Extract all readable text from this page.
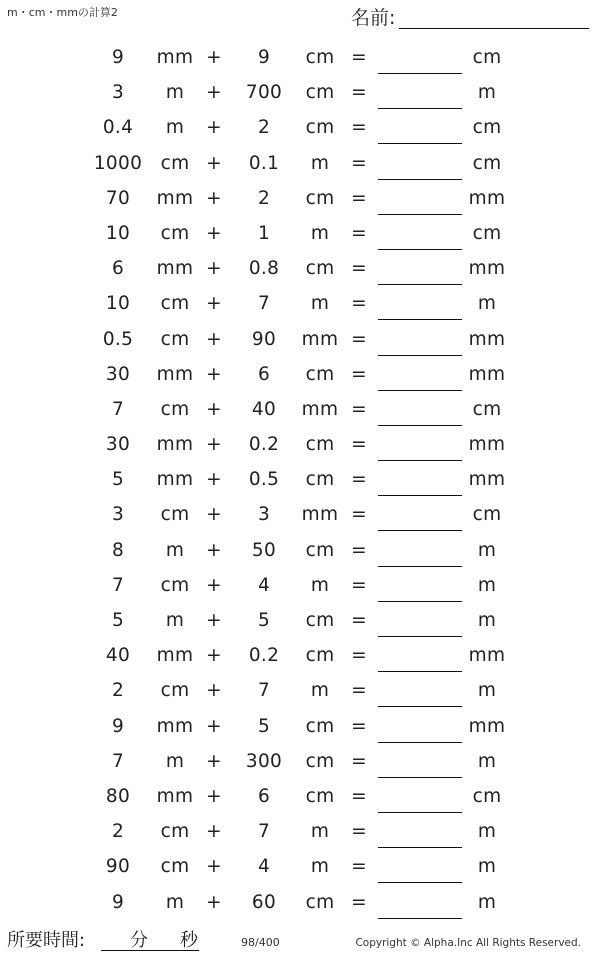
m・cm・mmの計算2	名前:
9	mm +	9	cm =	cm
3	m	+	700	cm =	m
0.4	m	+	2	cm =	cm
1000 cm +	0.1	m	=	cm
70	mm +	2	cm =	mm
10	cm +	1	m	=	cm
6	mm +	0.8	cm =	mm
10	cm +	7	m	=	m
0.5	cm +	90	mm =	mm
30	mm +	6	cm =	mm
7	cm +	40	mm =	cm
30	mm +	0.2	cm =	mm
5	mm +	0.5	cm =	mm
3	cm +	3	mm =	cm
8	m	+	50	cm =	m
7	cm +	4	m	=	m
5	m	+	5	cm =	m
40	mm +	0.2	cm =	mm
2	cm +	7	m	=	m
9	mm +	5	cm =	mm
7	m	+	300	cm =	m
80	mm +	6	cm =	cm
2	cm +	7	m	=	m
90	cm +	4	m	=	m
9	m	+	60	cm =	m
所要時間: 分 秒	98/400	Copyright © Alpha.Inc All Rights Reserved.
